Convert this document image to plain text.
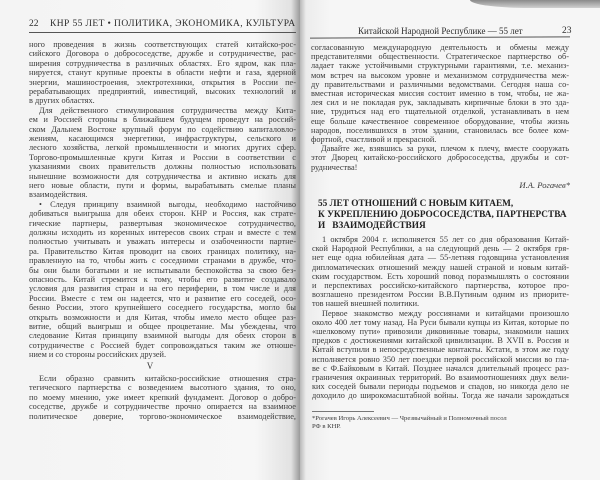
22 КНР 55 ЛЕТ • ПОЛИТИКА, ЭКОНОМИКА, КУЛЬТУРА
ного проведения в жизнь соответствующих статей китайско-рос-
сийского Договора о добрососедстве, дружбе и сотрудничестве, рас-
ширения сотрудничества в различных областях. Его ядром, как пла-
нируется, станут крупные проекты в области нефти и газа, ядерной
энергии, машиностроения, электротехники, открытия в России пе-
рерабатывающих предприятий, инвестиций, высоких технологий и
в других областях.
Для действенного стимулирования сотрудничества между Кита-
ем и Россией стороны в ближайшем будущем проведут на россий-
ском Дальнем Востоке крупный форум по содействию капиталовло-
жениям, касающимся энергетики, инфраструктуры, сельского и
лесного хозяйства, легкой промышленности и многих других сфер.
Торгово-промышленные круги Китая и России в соответствии с
указаниями своих правительств должны полностью использовать
нынешние возможности для сотрудничества и активно искать для
него новые области, пути и формы, вырабатывать смелые планы
взаимодействия.
• Следуя принципу взаимной выгоды, необходимо настойчиво
добиваться выигрыша для обеих сторон. КНР и Россия, как страте-
гические партнеры, развертывая экономическое сотрудничество,
должны исходить из коренных интересов своих стран и вместе с тем
полностью учитывать и уважать интересы и озабоченности партне-
ра. Правительство Китая проводит на своих границах политику, на-
правленную на то, чтобы жить с соседними странами в дружбе, что-
бы они были богатыми и не испытывали беспокойства за свою без-
опасность. Китай стремится к тому, чтобы его развитие создавало
условия для развития стран и на его периферии, в том числе и для
России. Вместе с тем он надеется, что и развитие его соседей, осо-
бенно России, этого крупнейшего соседнего государства, могло бы
открыть возможности и для Китая, чтобы имело место общее раз-
витие, общий выигрыш и общее процветание. Мы убеждены, что
следование Китая принципу взаимной выгоды для обеих сторон в
сотрудничестве с Россией будет сопровождаться таким же отноше-
нием и со стороны российских друзей.
Если образно сравнить китайско-российские отношения стра-
тегического партнерства с возведением высотного здания, то оно,
по моему мнению, уже имеет крепкий фундамент. Договор о добро-
соседстве, дружбе и сотрудничестве прочно опирается на взаимное
политическое доверие, торгово-экономическое взаимодействие,
V
Китайской Народной Республике — 55 лет	23
согласованную международную деятельность и обмены между
представителями общественности. Стратегическое партнерство об-
ладает также устойчивыми структурными гарантиями, т.е. механиз-
мом встреч на высоком уровне и механизмом сотрудничества меж-
ду правительствами и различными ведомствами. Сегодня наша со-
вместная историческая миссия состоит именно в том, чтобы, не жа-
лея сил и не покладая рук, закладывать кирпичные блоки в это зда-
ние, трудиться над его тщательной отделкой, устанавливать в нем
еще больше качественное современное оборудование, чтобы жизнь
народов, поселившихся в этом здании, становилась все более ком-
фортной, счастливой и прекрасной.
Давайте же, взявшись за руки, плечом к плечу, вместе сооружать
этот Дворец китайско-российского добрососедства, дружбы и сот-
рудничества!
1 октября 2004 г. исполняется 55 лет со дня образования Китай-
ской Народной Республики, а на следующий день — 2 октября гря-
нет еще одна юбилейная дата — 55-летняя годовщина установления
дипломатических отношений между нашей страной и новым китай-
ским государством. Есть хороший повод поразмышлять о состоянии
и перспективах российско-китайского партнерства, которое про-
возглашено президентом России В.В.Путиным одним из приорите-
тов нашей внешней политики.
Первое знакомство между россиянами и китайцами произошло
около 400 лет тому назад. На Руси бывали купцы из Китая, которые по
«шелковому пути» привозили диковинные товары, знакомили наших
предков с достижениями китайской цивилизации. В XVII в. Россия и
Китай вступили в непосредственные контакты. Кстати, в этом же году
исполняется ровно 350 лет поездки первой российской миссии во гла-
ве с Ф.Байковым в Китай. Позднее начался длительный процесс раз-
граничения окраинных территорий. Во взаимоотношениях двух вели-
ких соседей бывали периоды подъемов и спадов, но никогда дело не
доходило до широкомасштабной войны. Тогда же начали зарождаться
И.А. Рогачев*
55 ЛЕТ ОТНОШЕНИЙ С НОВЫМ КИТАЕМ,
К УКРЕПЛЕНИЮ ДОБРОСОСЕДСТВА, ПАРТНЕРСТВА
И   ВЗАИМОДЕЙСТВИЯ
*Рогачев Игорь Алексеевич — Чрезвычайный и Полномочный посол
РФ в КНР.
